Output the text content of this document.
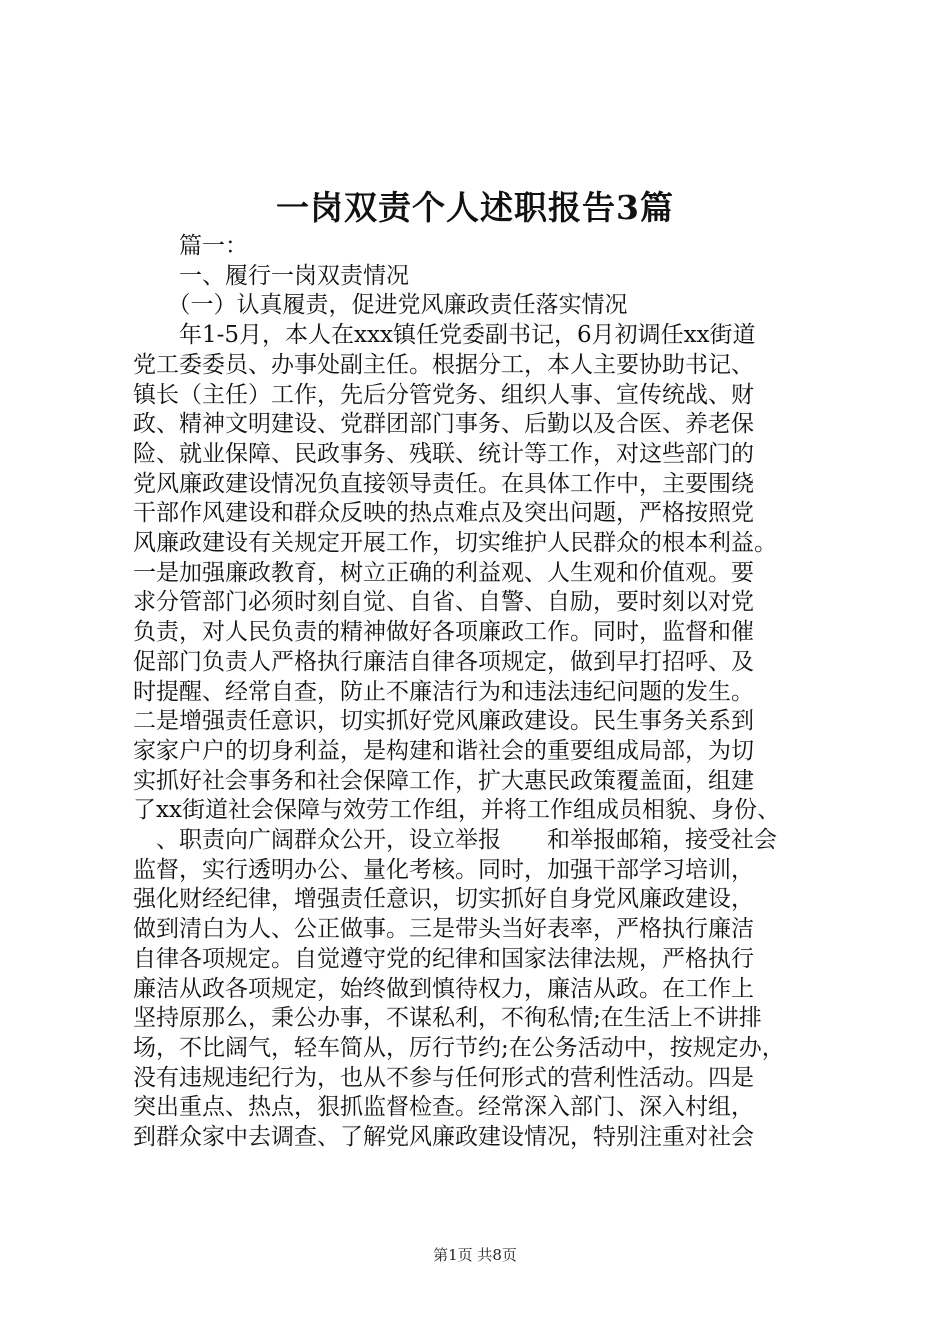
一岗双责个人述职报告3篇

　　篇一：

　　一、履行一岗双责情况

　　（一）认真履责，促进党风廉政责任落实情况

　　年1-5月，本人在xxx镇任党委副书记，6月初调任xx街道

党工委委员、办事处副主任。根据分工，本人主要协助书记、

镇长（主任）工作，先后分管党务、组织人事、宣传统战、财

政、精神文明建设、党群团部门事务、后勤以及合医、养老保

险、就业保障、民政事务、残联、统计等工作，对这些部门的

党风廉政建设情况负直接领导责任。在具体工作中，主要围绕

干部作风建设和群众反映的热点难点及突出问题，严格按照党

风廉政建设有关规定开展工作，切实维护人民群众的根本利益。

一是加强廉政教育，树立正确的利益观、人生观和价值观。要

求分管部门必须时刻自觉、自省、自警、自励，要时刻以对党

负责，对人民负责的精神做好各项廉政工作。同时，监督和催

促部门负责人严格执行廉洁自律各项规定，做到早打招呼、及

时提醒、经常自查，防止不廉洁行为和违法违纪问题的发生。

二是增强责任意识，切实抓好党风廉政建设。民生事务关系到

家家户户的切身利益，是构建和谐社会的重要组成局部，为切

实抓好社会事务和社会保障工作，扩大惠民政策覆盖面，组建

了xx街道社会保障与效劳工作组，并将工作组成员相貌、身份、

　、职责向广阔群众公开，设立举报　　和举报邮箱，接受社会

监督，实行透明办公、量化考核。同时，加强干部学习培训，

强化财经纪律，增强责任意识，切实抓好自身党风廉政建设，

做到清白为人、公正做事。三是带头当好表率，严格执行廉洁

自律各项规定。自觉遵守党的纪律和国家法律法规，严格执行

廉洁从政各项规定，始终做到慎待权力，廉洁从政。在工作上

坚持原那么，秉公办事，不谋私利，不徇私情;在生活上不讲排

场，不比阔气，轻车简从，厉行节约;在公务活动中，按规定办，

没有违规违纪行为，也从不参与任何形式的营利性活动。四是

突出重点、热点，狠抓监督检查。经常深入部门、深入村组，

到群众家中去调查、了解党风廉政建设情况，特别注重对社会

第1页 共8页
